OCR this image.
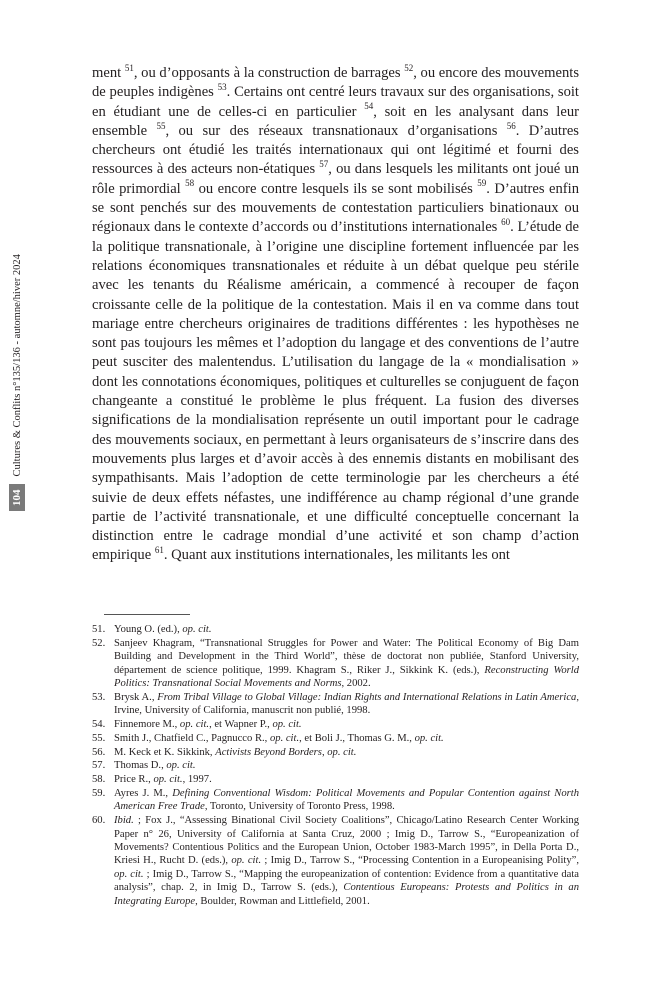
104
Cultures & Conflits n°135/136 - automne/hiver 2024

ment $^{51}$, ou d’opposants à la construction de barrages $^{52}$, ou encore des mouvements de peuples indigènes $^{53}$. Certains ont centré leurs travaux sur des organisations, soit en étudiant une de celles-ci en particulier $^{54}$, soit en les analysant dans leur ensemble $^{55}$, ou sur des réseaux transnationaux d’organisations $^{56}$. D’autres chercheurs ont étudié les traités internationaux qui ont légitimé et fourni des ressources à des acteurs non-étatiques $^{57}$, ou dans lesquels les militants ont joué un rôle primordial $^{58}$ ou encore contre lesquels ils se sont mobilisés $^{59}$. D’autres enfin se sont penchés sur des mouvements de contestation particuliers binationaux ou régionaux dans le contexte d’accords ou d’institutions internationales $^{60}$. L’étude de la politique transnationale, à l’origine une discipline fortement influencée par les relations économiques transnationales et réduite à un débat quelque peu stérile avec les tenants du Réalisme américain, a commencé à recouper de façon croissante celle de la politique de la contestation. Mais il en va comme dans tout mariage entre chercheurs originaires de traditions différentes : les hypothèses ne sont pas toujours les mêmes et l’adoption du langage et des conventions de l’autre peut susciter des malentendus. L’utilisation du langage de la « mondialisation » dont les connotations économiques, politiques et culturelles se conjuguent de façon changeante a constitué le problème le plus fréquent. La fusion des diverses significations de la mondialisation représente un outil important pour le cadrage des mouvements sociaux, en permettant à leurs organisateurs de s’inscrire dans des mouvements plus larges et d’avoir accès à des ennemis distants en mobilisant des sympathisants. Mais l’adoption de cette terminologie par les chercheurs a été suivie de deux effets néfastes, une indifférence au champ régional d’une grande partie de l’activité transnationale, et une difficulté conceptuelle concernant la distinction entre le cadrage mondial d’une activité et son champ d’action empirique $^{61}$. Quant aux institutions internationales, les militants les ont

51. Young O. (ed.), op. cit.
52. Sanjeev Khagram, “Transnational Struggles for Power and Water: The Political Economy of Big Dam Building and Development in the Third World”, thèse de doctorat non publiée, Stanford University, département de science politique, 1999. Khagram S., Riker J., Sikkink K. (eds.), Reconstructing World Politics: Transnational Social Movements and Norms, 2002.
53. Brysk A., From Tribal Village to Global Village: Indian Rights and International Relations in Latin America, Irvine, University of California, manuscrit non publié, 1998.
54. Finnemore M., op. cit., et Wapner P., op. cit.
55. Smith J., Chatfield C., Pagnucco R., op. cit., et Boli J., Thomas G. M., op. cit.
56. M. Keck et K. Sikkink, Activists Beyond Borders, op. cit.
57. Thomas D., op. cit.
58. Price R., op. cit., 1997.
59. Ayres J. M., Defining Conventional Wisdom: Political Movements and Popular Contention against North American Free Trade, Toronto, University of Toronto Press, 1998.
60. Ibid. ; Fox J., “Assessing Binational Civil Society Coalitions”, Chicago/Latino Research Center Working Paper n° 26, University of California at Santa Cruz, 2000 ; Imig D., Tarrow S., “Europeanization of Movements? Contentious Politics and the European Union, October 1983-March 1995”, in Della Porta D., Kriesi H., Rucht D. (eds.), op. cit. ; Imig D., Tarrow S., “Processing Contention in a Europeanising Polity”, op. cit. ; Imig D., Tarrow S., “Mapping the europeanization of contention: Evidence from a quantitative data analysis”, chap. 2, in Imig D., Tarrow S. (eds.), Contentious Europeans: Protests and Politics in an Integrating Europe, Boulder, Rowman and Littlefield, 2001.
